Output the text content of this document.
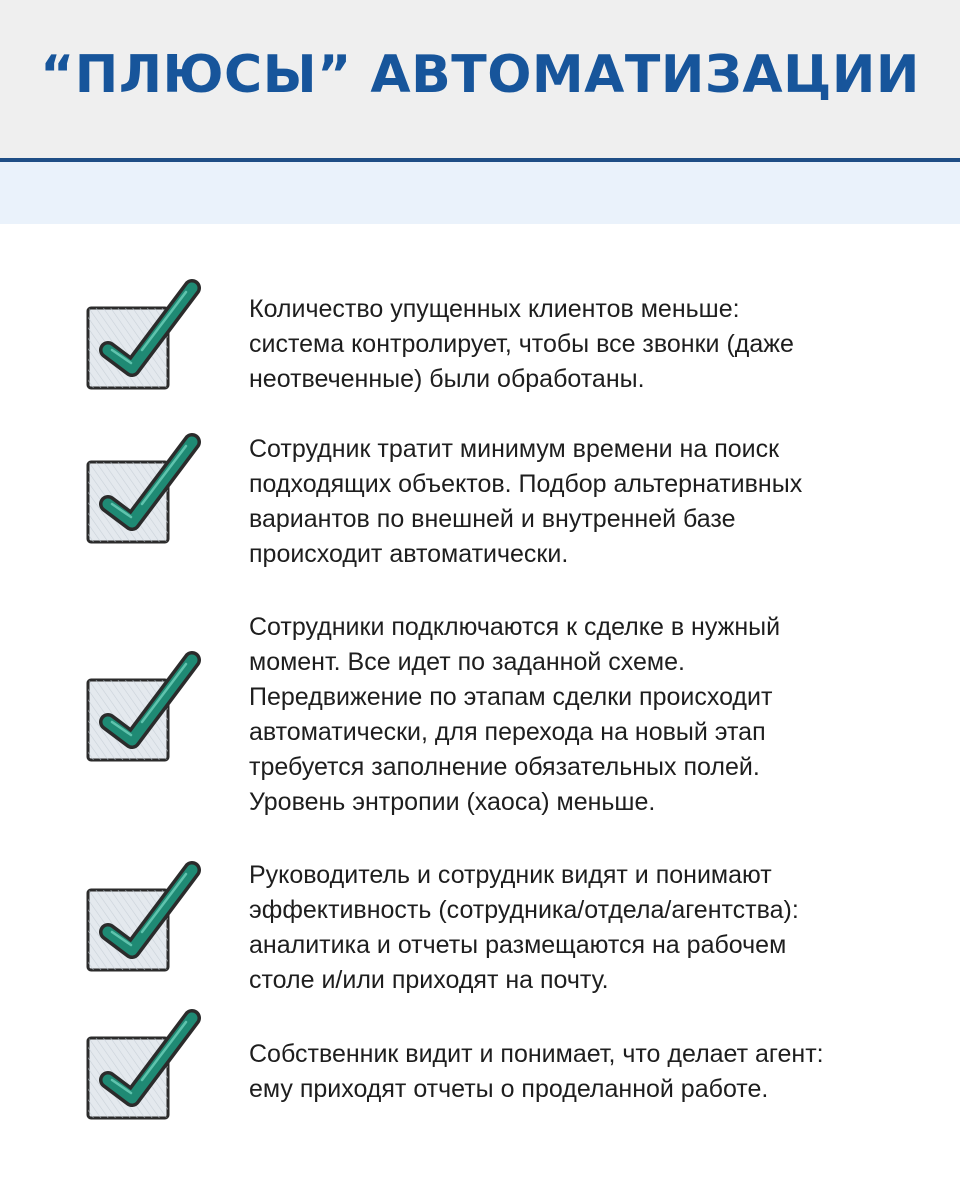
“ПЛЮСЫ” АВТОМАТИЗАЦИИ

Количество упущенных клиентов меньше:
система контролирует, чтобы все звонки (даже
неотвеченные) были обработаны.

Сотрудник тратит минимум времени на поиск
подходящих объектов. Подбор альтернативных
вариантов по внешней и внутренней базе
происходит автоматически.

Сотрудники подключаются к сделке в нужный
момент. Все идет по заданной схеме.
Передвижение по этапам сделки происходит
автоматически, для перехода на новый этап
требуется заполнение обязательных полей.
Уровень энтропии (хаоса) меньше.

Руководитель и сотрудник видят и понимают
эффективность (сотрудника/отдела/агентства):
аналитика и отчеты размещаются на рабочем
столе и/или приходят на почту.

Собственник видит и понимает, что делает агент:
ему приходят отчеты о проделанной работе.
